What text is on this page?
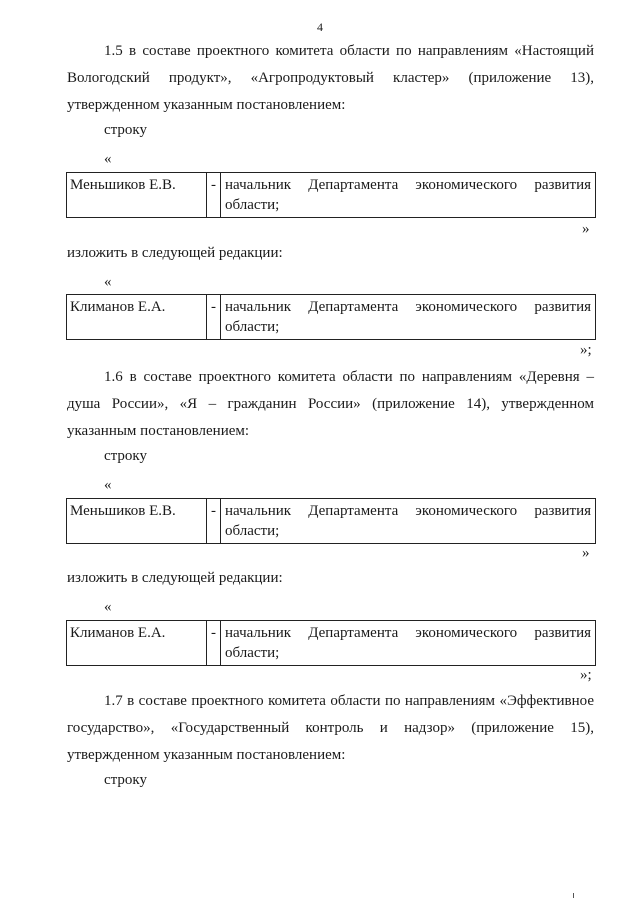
4
1.5 в составе проектного комитета области по направлениям «Настоящий Вологодский продукт», «Агропродуктовый кластер» (приложение 13), утвержденном указанным постановлением:
строку
«
Меньшиков Е.В.	- начальник Департамента экономического развития области;
»
изложить в следующей редакции:
«
Климанов Е.А.	- начальник Департамента экономического развития области;
»;
1.6 в составе проектного комитета области по направлениям «Деревня – душа России», «Я – гражданин России» (приложение 14), утвержденном указанным постановлением:
строку
«
Меньшиков Е.В.	- начальник Департамента экономического развития области;
»
изложить в следующей редакции:
«
Климанов Е.А.	- начальник Департамента экономического развития области;
»;
1.7 в составе проектного комитета области по направлениям «Эффективное государство», «Государственный контроль и надзор» (приложение 15), утвержденном указанным постановлением:
строку
